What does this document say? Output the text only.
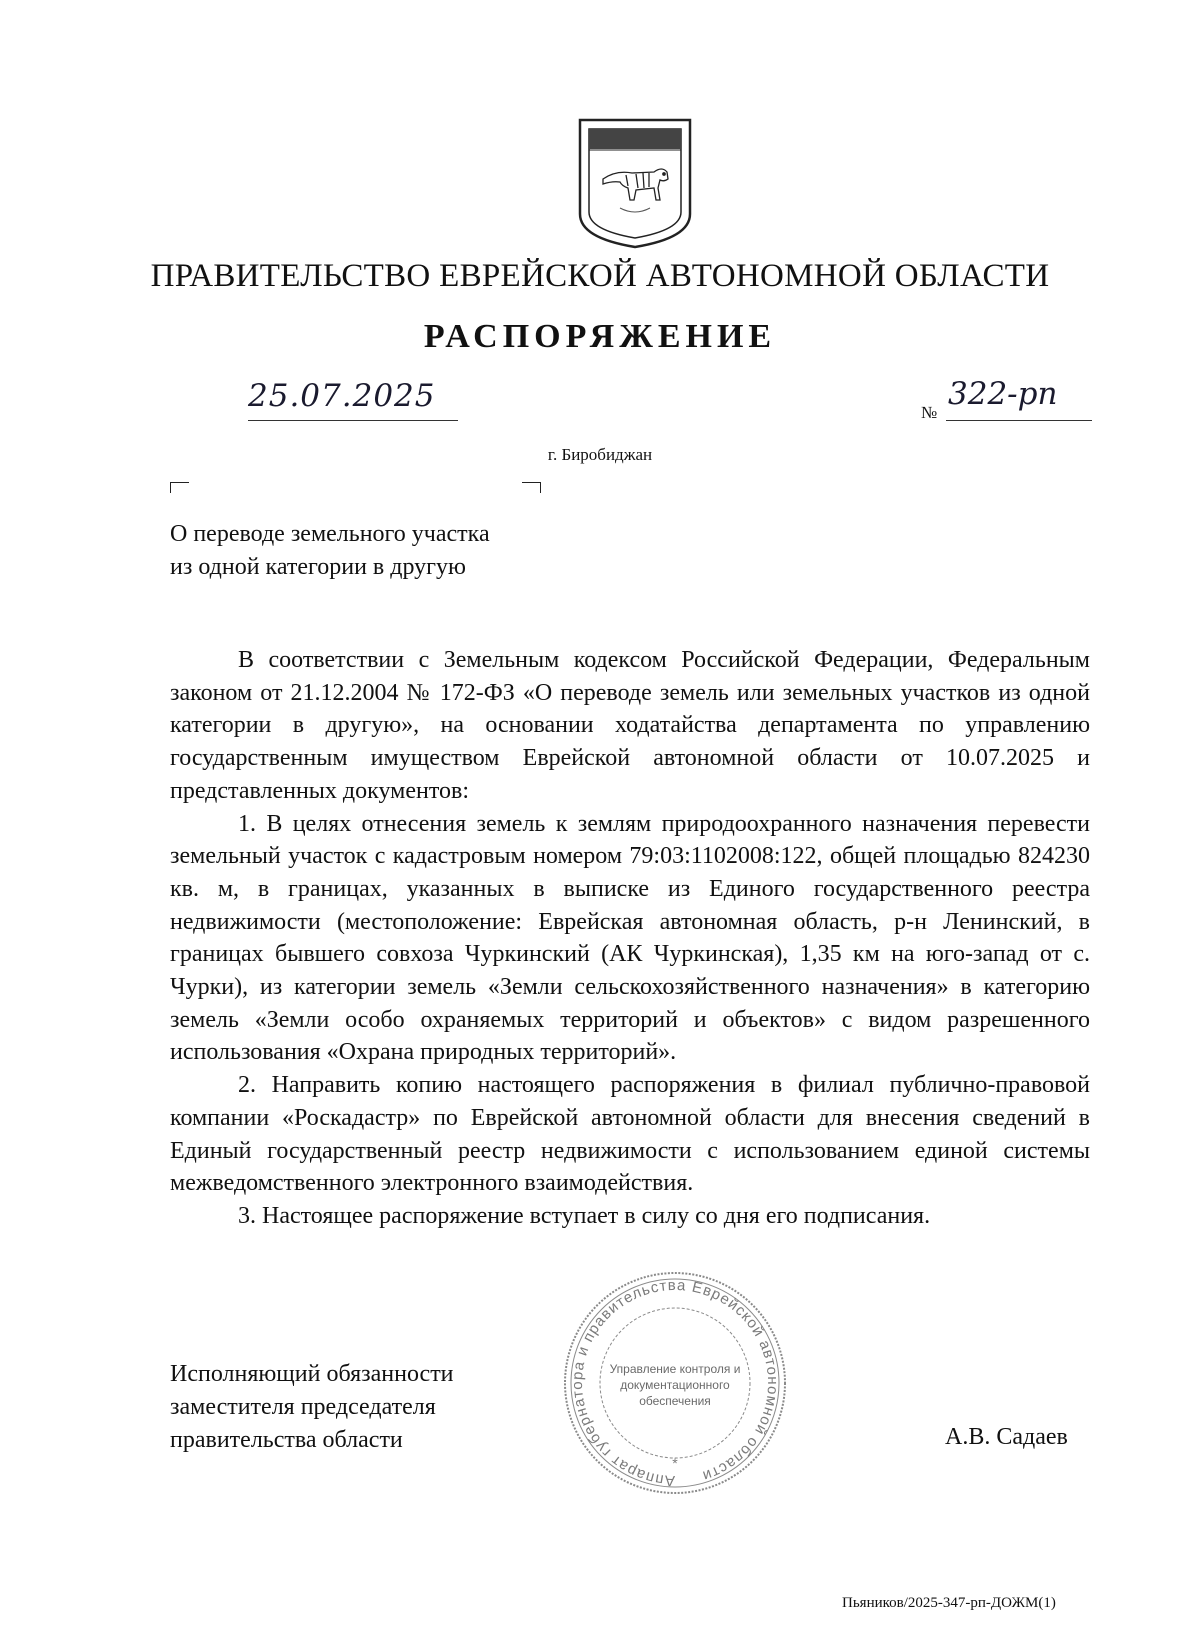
ПРАВИТЕЛЬСТВО ЕВРЕЙСКОЙ АВТОНОМНОЙ ОБЛАСТИ
РАСПОРЯЖЕНИЕ
25.07.2025	№
322-рп
г. Биробиджан
О переводе земельного участка
из одной категории в другую

В соответствии с Земельным кодексом Российской Федерации, Федеральным законом от 21.12.2004 № 172-ФЗ «О переводе земель или земельных участков из одной категории в другую», на основании ходатайства департамента по управлению государственным имуществом Еврейской автономной области от 10.07.2025 и представленных документов:

1. В целях отнесения земель к землям природоохранного назначения перевести земельный участок с кадастровым номером 79:03:1102008:122, общей площадью 824230 кв. м, в границах, указанных в выписке из Единого государственного реестра недвижимости (местоположение: Еврейская автономная область, р-н Ленинский, в границах бывшего совхоза Чуркинский (АК Чуркинская), 1,35 км на юго-запад от с. Чурки), из категории земель «Земли сельскохозяйственного назначения» в категорию земель «Земли особо охраняемых территорий и объектов» с видом разрешенного использования «Охрана природных территорий».

2. Направить копию настоящего распоряжения в филиал публично-правовой компании «Роскадастр» по Еврейской автономной области для внесения сведений в Единый государственный реестр недвижимости с использованием единой системы межведомственного электронного взаимодействия.

3. Настоящее распоряжение вступает в силу со дня его подписания.

Исполняющий обязанности
заместителя председателя
правительства области	А.В. Садаев
Аппарат губернатора и правительства Еврейской автономной области
Управление контроля и
документационного
обеспечения
*
Пьяников/2025-347-рп-ДОЖМ(1)
